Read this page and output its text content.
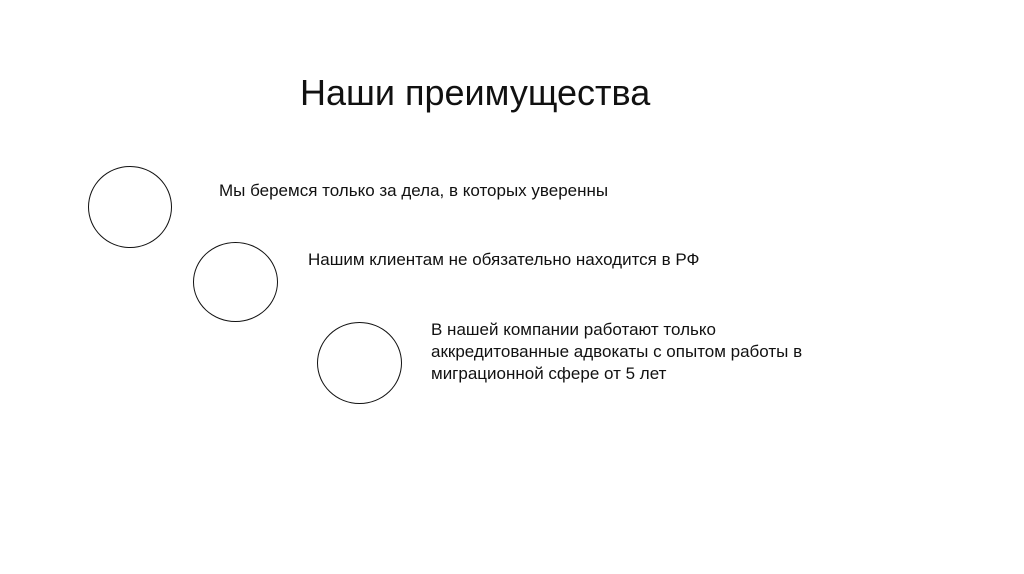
Наши преимущества
Мы беремся только за дела, в которых уверенны
Нашим клиентам не обязательно находится в РФ
В нашей компании работают только аккредитованные адвокаты с опытом работы в миграционной сфере от 5 лет
